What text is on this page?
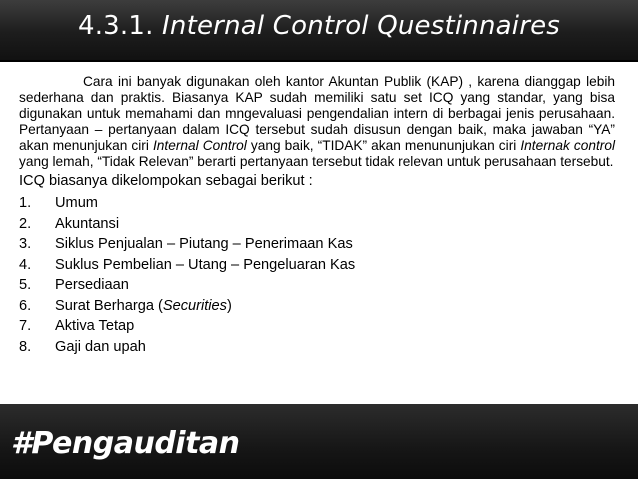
4.3.1. Internal Control Questinnaires

Cara ini banyak digunakan oleh kantor Akuntan Publik (KAP) , karena dianggap lebih sederhana dan praktis. Biasanya KAP sudah memiliki satu set ICQ yang standar, yang bisa digunakan untuk memahami dan mngevaluasi pengendalian intern di berbagai jenis perusahaan. Pertanyaan – pertanyaan dalam ICQ tersebut sudah disusun dengan baik, maka jawaban “YA” akan menunjukan ciri Internal Control yang baik, “TIDAK” akan menununjukan ciri Internak control yang lemah, “Tidak Relevan” berarti pertanyaan tersebut tidak relevan untuk perusahaan tersebut.

ICQ biasanya dikelompokan sebagai berikut :
1. Umum
2. Akuntansi
3. Siklus Penjualan – Piutang – Penerimaan Kas
4. Suklus Pembelian – Utang – Pengeluaran Kas
5. Persediaan
6. Surat Berharga (Securities)
7. Aktiva Tetap
8. Gaji dan upah
#Pengauditan
